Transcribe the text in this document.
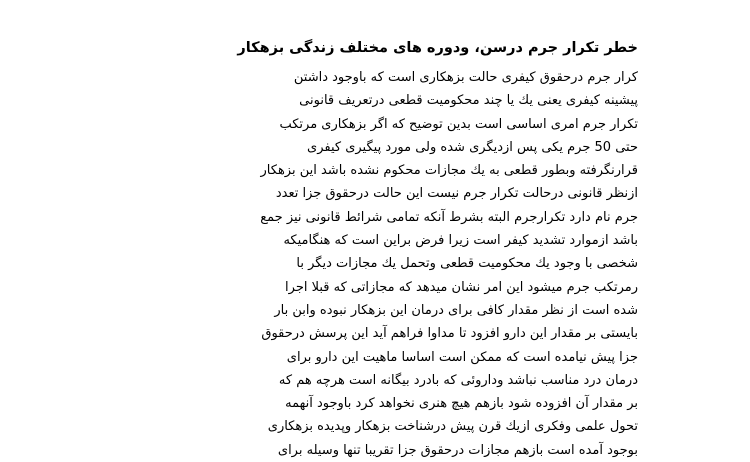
خطر تکرار جرم درسن، ودوره های مختلف زندگی بزهکار
کرار جرم درحقوق کیفری حالت بزهکاری است که باوجود داشتن
پیشینه کیفری یعنی یك یا چند محکومیت قطعی درتعریف قانونی
تکرار جرم امری اساسی است بدین توضیح که اگر بزهکاری مرتکب
حتی 50 جرم یکی پس ازدیگری شده ولی مورد پیگیری کیفری
قرارنگرفته وبطور قطعی به یك مجازات محکوم نشده باشد این بزهکار
ازنظر قانونی درحالت تکرار جرم نیست این حالت درحقوق جزا تعدد
جرم نام دارد تکرارجرم البته بشرط آنکه تمامی شرائط قانونی نیز جمع
باشد ازموارد تشدید کیفر است زیرا فرض براین است که هنگامیکه
شخصی با وجود یك محکومیت قطعی وتحمل یك مجازات دیگر با
رمرتکب جرم میشود این امر نشان میدهد که مجازاتی که قبلا اجرا
شده است از نظر مقدار کافی برای درمان این بزهکار نبوده وابن بار
بایستی بر مقدار این دارو افزود تا مداوا فراهم آید این پرسش درحقوق
جزا پیش نیامده است که ممکن است اساسا ماهیت این دارو برای
درمان درد مناسب نباشد وداروئی که بادرد بیگانه است هرچه هم که
بر مقدار آن افزوده شود بازهم هیچ هنری نخواهد کرد باوجود آنهمه
تحول علمی وفکری ازیك قرن پیش درشناخت بزهکار وپدیده بزهکاری
بوجود آمده است بازهم مجازات درحقوق جزا تقریبا تنها وسیله برای
